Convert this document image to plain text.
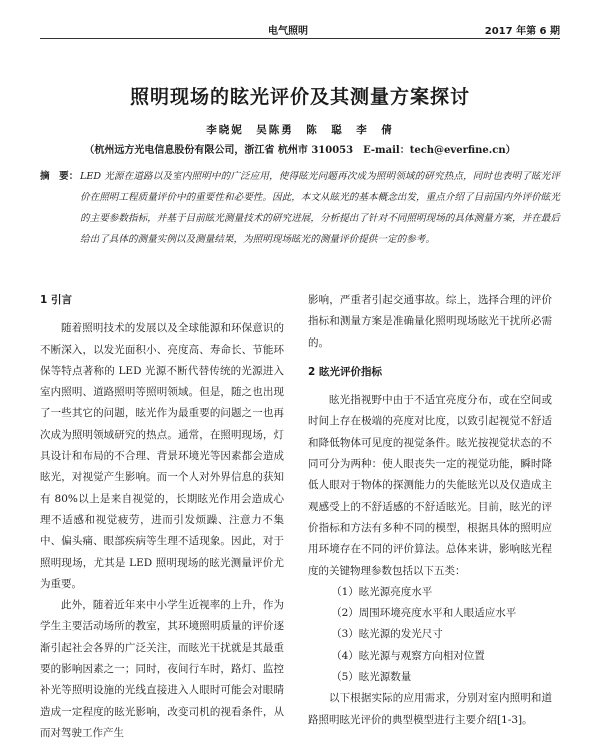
电气照明	2017 年第 6 期
照明现场的眩光评价及其测量方案探讨
李晓妮　吴陈勇　陈　聪　李　倩
（杭州远方光电信息股份有限公司，浙江省 杭州市 310053　E-mail：tech@everfine.cn）
摘　要： LED 光源在道路以及室内照明中的广泛应用，使得眩光问题再次成为照明领域的研究热点，同时也表明了眩光评价在照明工程质量评价中的重要性和必要性。因此，本文从眩光的基本概念出发，重点介绍了目前国内外评价眩光的主要参数指标，并基于目前眩光测量技术的研究进展，分析提出了针对不同照明现场的具体测量方案，并在最后给出了具体的测量实例以及测量结果，为照明现场眩光的测量评价提供一定的参考。
1 引言

随着照明技术的发展以及全球能源和环保意识的不断深入，以发光面积小、亮度高、寿命长、节能环保等特点著称的 LED 光源不断代替传统的光源进入室内照明、道路照明等照明领域。但是，随之也出现了一些其它的问题，眩光作为最重要的问题之一也再次成为照明领域研究的热点。通常，在照明现场，灯具设计和布局的不合理、背景环境光等因素都会造成眩光，对视觉产生影响。而一个人对外界信息的获知有 80%以上是来自视觉的，长期眩光作用会造成心理不适感和视觉疲劳，进而引发烦躁、注意力不集中、偏头痛、眼部疾病等生理不适现象。因此，对于照明现场，尤其是 LED 照明现场的眩光测量评价尤为重要。

此外，随着近年来中小学生近视率的上升，作为学生主要活动场所的教室，其环境照明质量的评价逐渐引起社会各界的广泛关注，而眩光干扰就是其最重要的影响因素之一；同时，夜间行车时，路灯、监控补光等照明设施的光线直接进入人眼时可能会对眼睛造成一定程度的眩光影响，改变司机的视看条件，从而对驾驶工作产生

影响，严重者引起交通事故。综上，选择合理的评价指标和测量方案是准确量化照明现场眩光干扰所必需的。

2 眩光评价指标

眩光指视野中由于不适宜亮度分布，或在空间或时间上存在极端的亮度对比度，以致引起视觉不舒适和降低物体可见度的视觉条件。眩光按视觉状态的不同可分为两种：使人眼丧失一定的视觉功能，瞬时降低人眼对于物体的探测能力的失能眩光以及仅造成主观感受上的不舒适感的不舒适眩光。目前，眩光的评价指标和方法有多种不同的模型，根据具体的照明应用环境存在不同的评价算法。总体来讲，影响眩光程度的关键物理参数包括以下五类：

（1）眩光源亮度水平
（2）周围环境亮度水平和人眼适应水平
（3）眩光源的发光尺寸
（4）眩光源与观察方向相对位置
（5）眩光源数量

以下根据实际的应用需求，分别对室内照明和道路照明眩光评价的典型模型进行主要介绍[1-3]。
